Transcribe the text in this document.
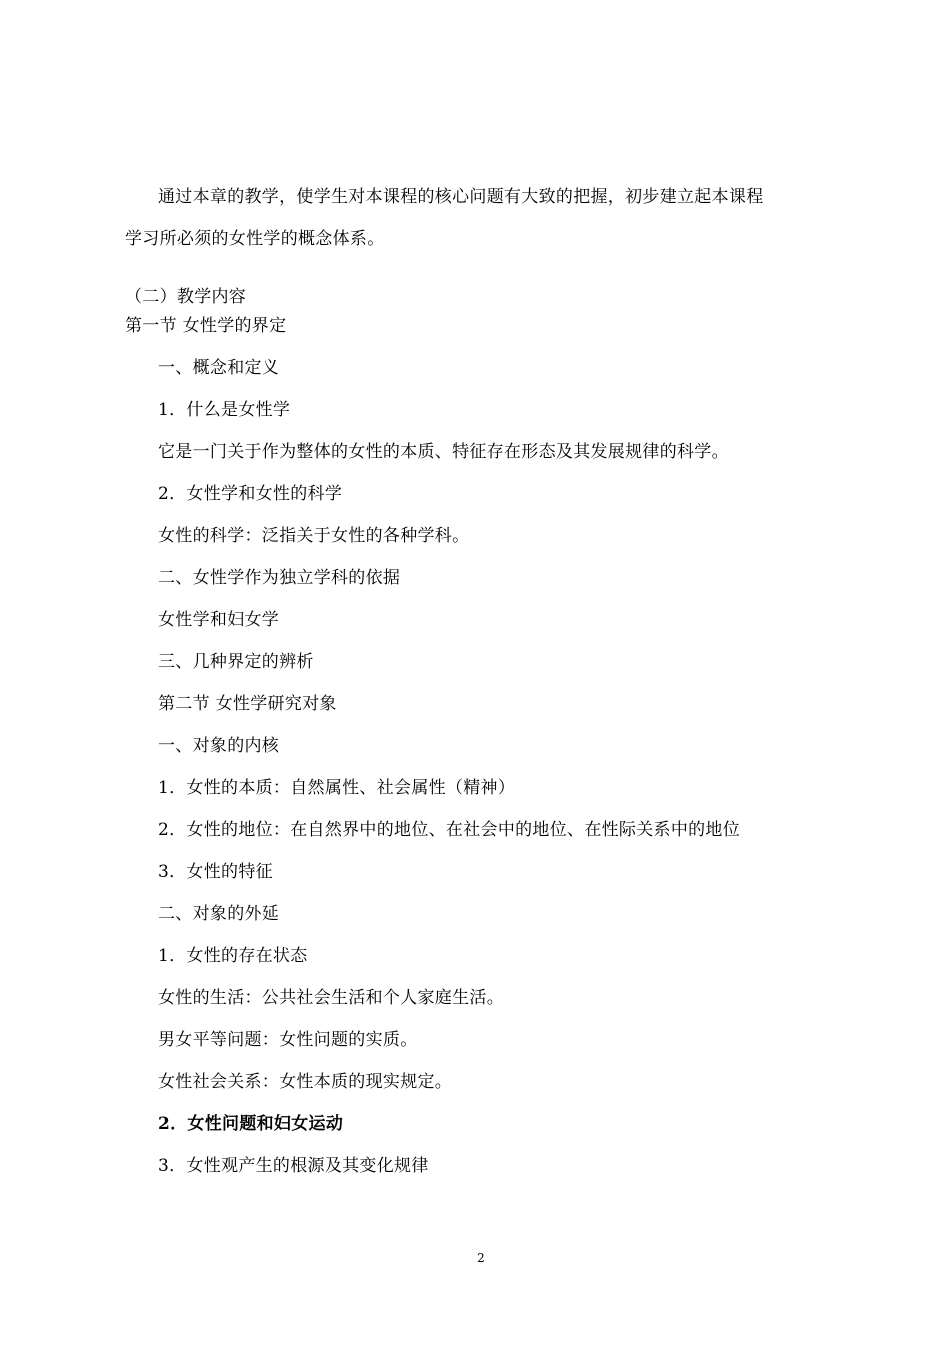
通过本章的教学，使学生对本课程的核心问题有大致的把握，初步建立起本课程
学习所必须的女性学的概念体系。
（二）教学内容
第一节 女性学的界定
一、概念和定义
1．什么是女性学
它是一门关于作为整体的女性的本质、特征存在形态及其发展规律的科学。
2．女性学和女性的科学
女性的科学：泛指关于女性的各种学科。
二、女性学作为独立学科的依据
女性学和妇女学
三、几种界定的辨析
第二节 女性学研究对象
一、对象的内核
1．女性的本质：自然属性、社会属性（精神）
2．女性的地位：在自然界中的地位、在社会中的地位、在性际关系中的地位
3．女性的特征
二、对象的外延
1．女性的存在状态
女性的生活：公共社会生活和个人家庭生活。
男女平等问题：女性问题的实质。
女性社会关系：女性本质的现实规定。
2．女性问题和妇女运动
3．女性观产生的根源及其变化规律
2
